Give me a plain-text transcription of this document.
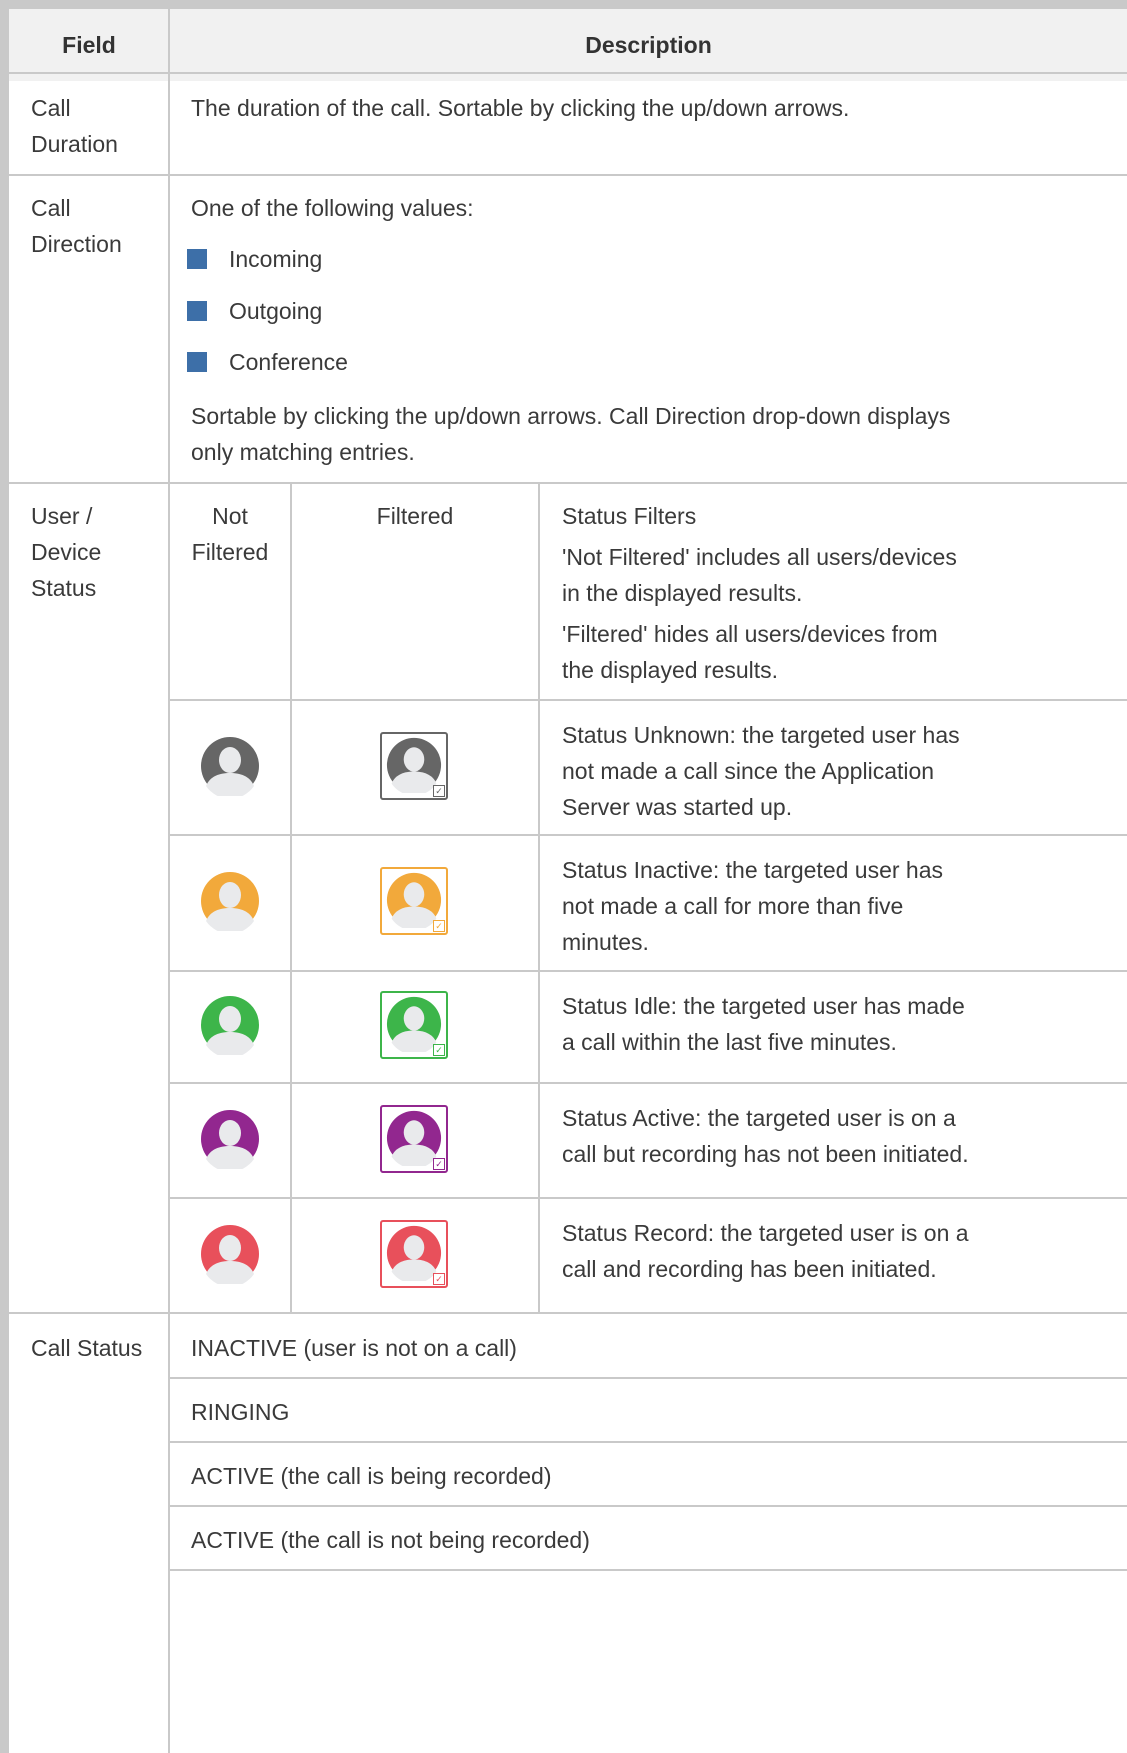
Field	Description
Call
Duration
The duration of the call. Sortable by clicking the up/down arrows.
Call
Direction
One of the following values:
Incoming
Outgoing
Conference
Sortable by clicking the up/down arrows. Call Direction drop-down displays
only matching entries.
User /
Device
Status
Not
Filtered
Filtered	Status Filters
'Not Filtered' includes all users/devices
in the displayed results.
'Filtered' hides all users/devices from
the displayed results.
✓
Status Unknown: the targeted user has
not made a call since the Application
Server was started up.
✓
Status Inactive: the targeted user has
not made a call for more than five
minutes.
✓
Status Idle: the targeted user has made
a call within the last five minutes.
✓
Status Active: the targeted user is on a
call but recording has not been initiated.
✓
Status Record: the targeted user is on a
call and recording has been initiated.
Call Status INACTIVE (user is not on a call)
RINGING
ACTIVE (the call is being recorded)
ACTIVE (the call is not being recorded)
